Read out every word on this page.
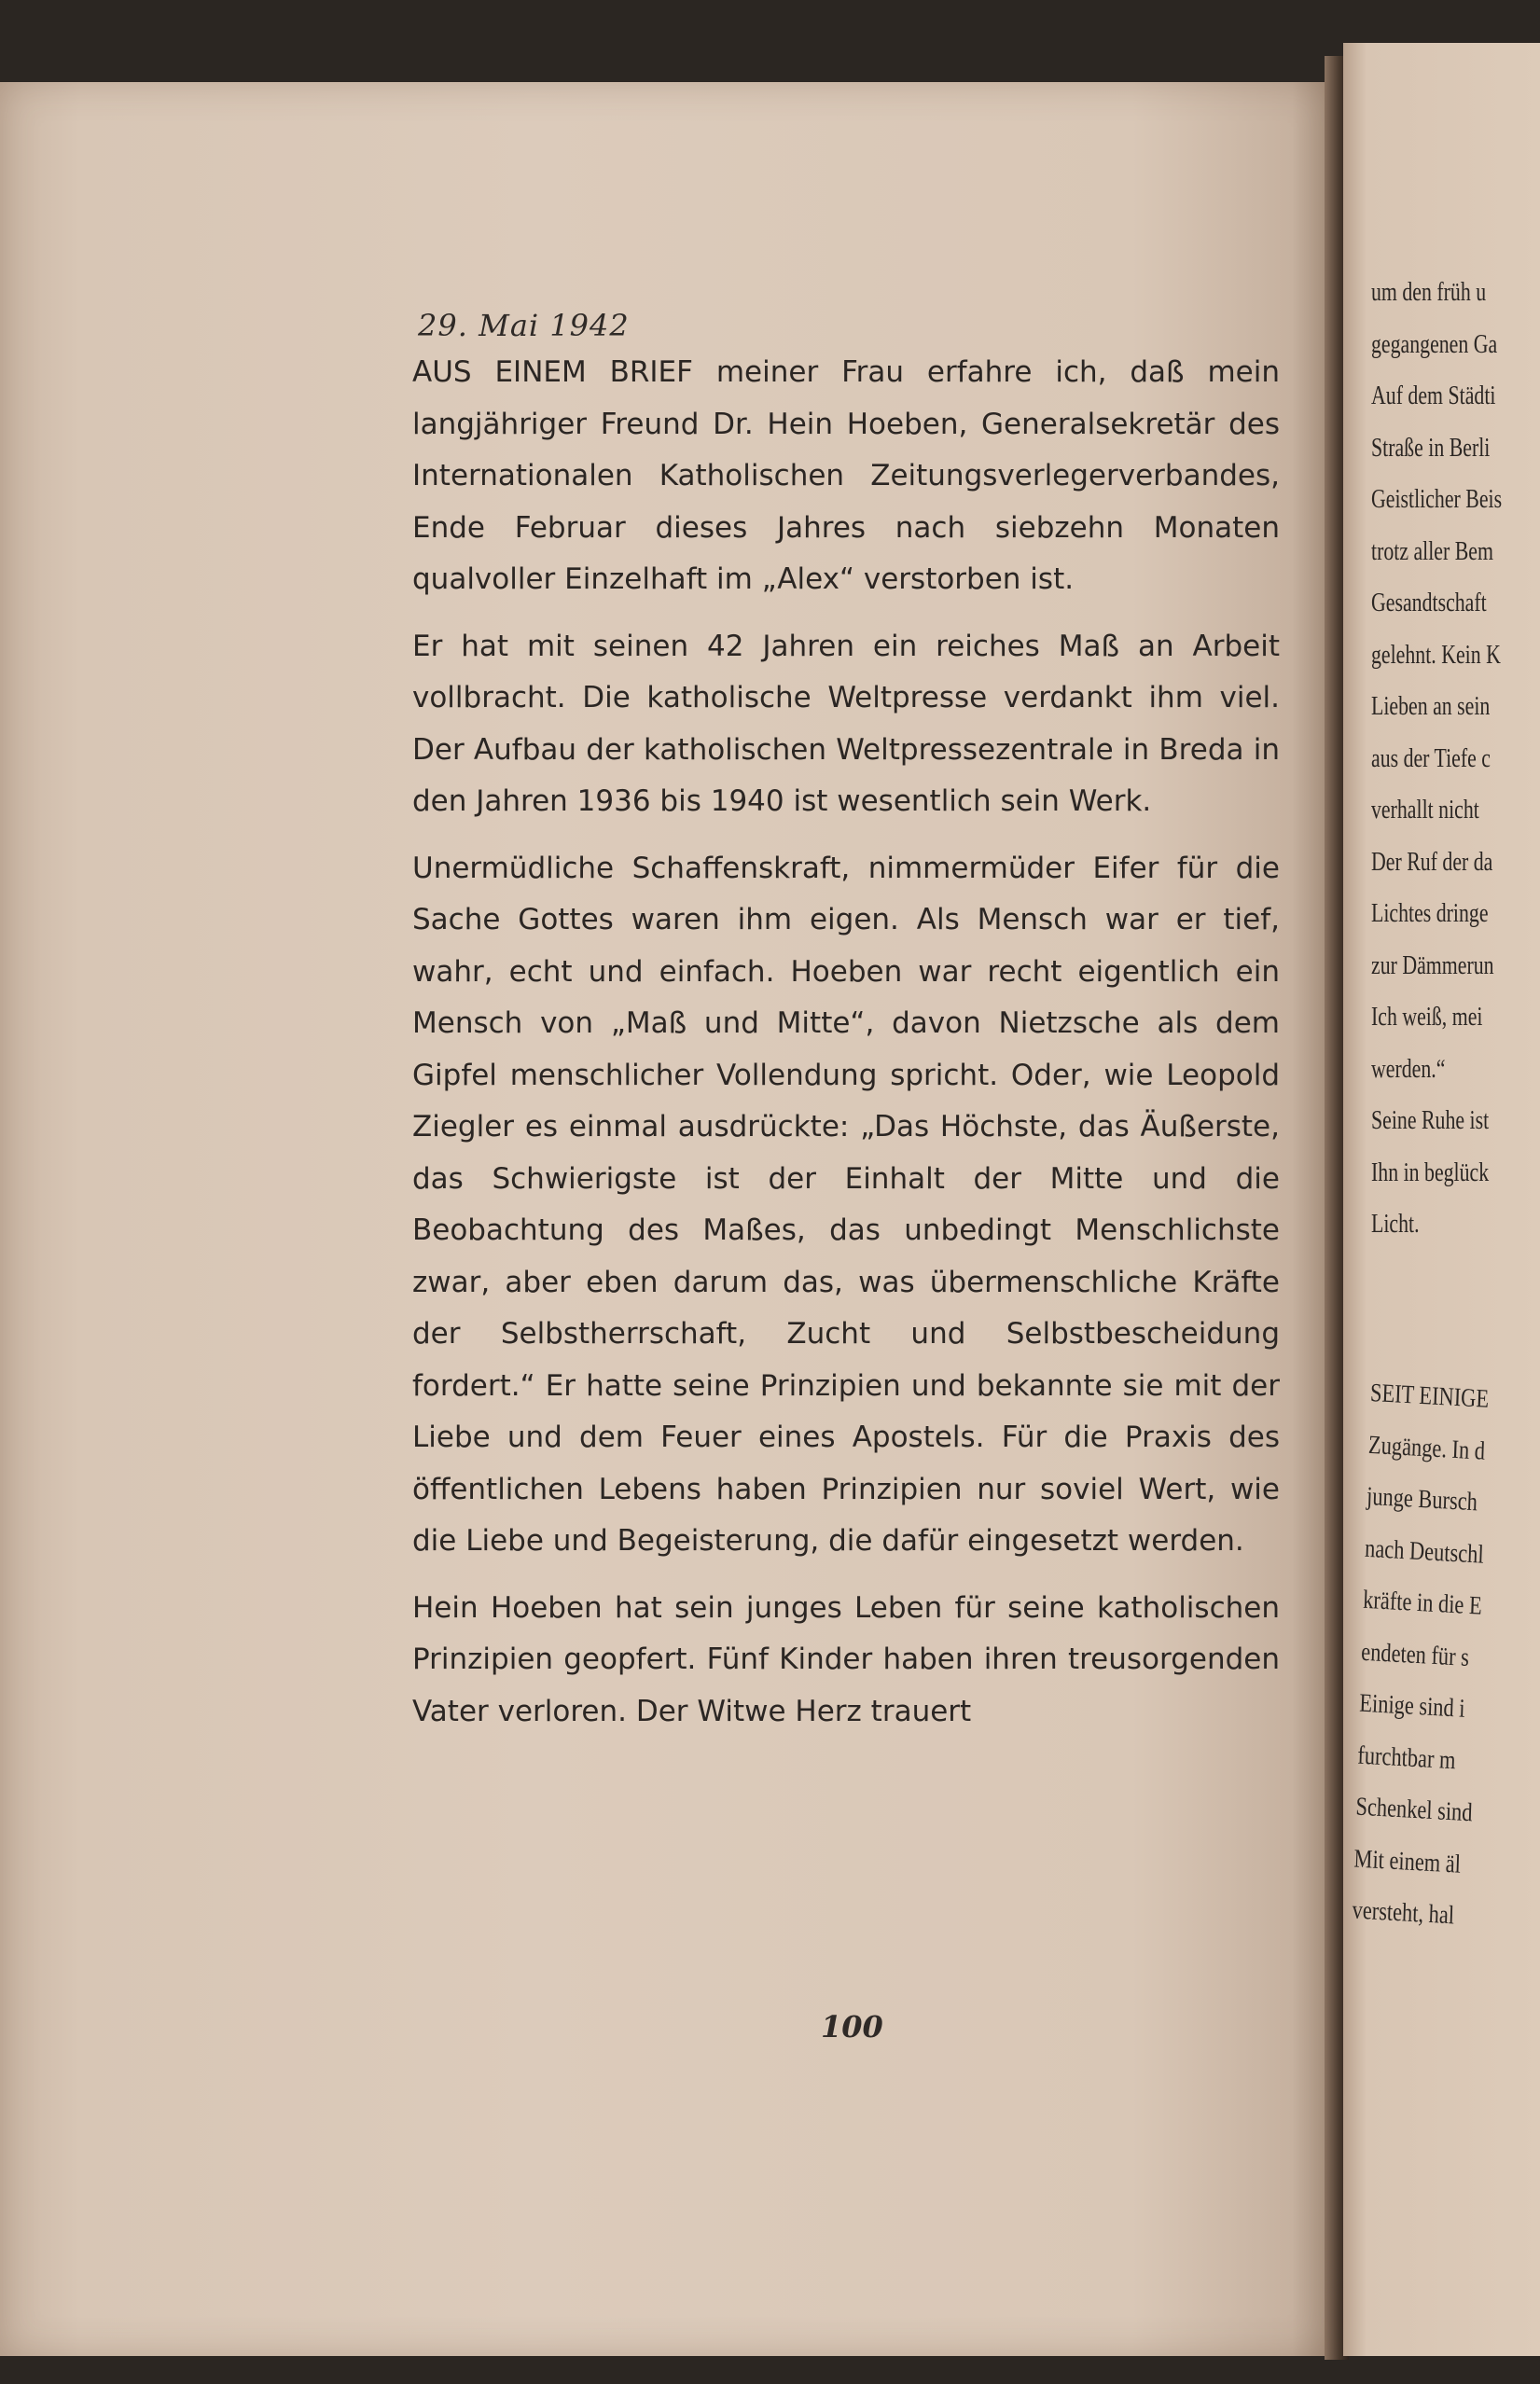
29. Mai 1942

AUS EINEM BRIEF meiner Frau erfahre ich, daß mein langjähriger Freund Dr. Hein Hoeben, Generalsekretär des Internationalen Katholischen Zeitungsverlegerverbandes, Ende Februar dieses Jahres nach siebzehn Monaten qualvoller Einzelhaft im „Alex“ verstorben ist.

Er hat mit seinen 42 Jahren ein reiches Maß an Arbeit vollbracht. Die katholische Weltpresse verdankt ihm viel. Der Aufbau der katholischen Weltpressezentrale in Breda in den Jahren 1936 bis 1940 ist wesentlich sein Werk.

Unermüdliche Schaffenskraft, nimmermüder Eifer für die Sache Gottes waren ihm eigen. Als Mensch war er tief, wahr, echt und einfach. Hoeben war recht eigentlich ein Mensch von „Maß und Mitte“, davon Nietzsche als dem Gipfel menschlicher Vollendung spricht. Oder, wie Leopold Ziegler es einmal ausdrückte: „Das Höchste, das Äußerste, das Schwierigste ist der Einhalt der Mitte und die Beobachtung des Maßes, das unbedingt Menschlichste zwar, aber eben darum das, was übermenschliche Kräfte der Selbstherrschaft, Zucht und Selbstbescheidung fordert.“ Er hatte seine Prinzipien und bekannte sie mit der Liebe und dem Feuer eines Apostels. Für die Praxis des öffentlichen Lebens haben Prinzipien nur soviel Wert, wie die Liebe und Begeisterung, die dafür eingesetzt werden.

Hein Hoeben hat sein junges Leben für seine katholischen Prinzipien geopfert. Fünf Kinder haben ihren treusorgenden Vater verloren. Der Witwe Herz trauert

100
um den früh u
gegangenen Ga
Auf dem Städti
Straße in Berli
Geistlicher Beis
trotz aller Bem
Gesandtschaft
gelehnt. Kein K
Lieben an sein
aus der Tiefe c
verhallt nicht
Der Ruf der da
Lichtes dringe
zur Dämmerun
Ich weiß, mei
werden.“
Seine Ruhe ist
Ihn in beglück
Licht.
SEIT EINIGE
Zugänge. In d
junge Bursch
nach Deutschl
kräfte in die E
endeten für s
Einige sind i
furchtbar m
Schenkel sind
Mit einem äl
versteht, hal
